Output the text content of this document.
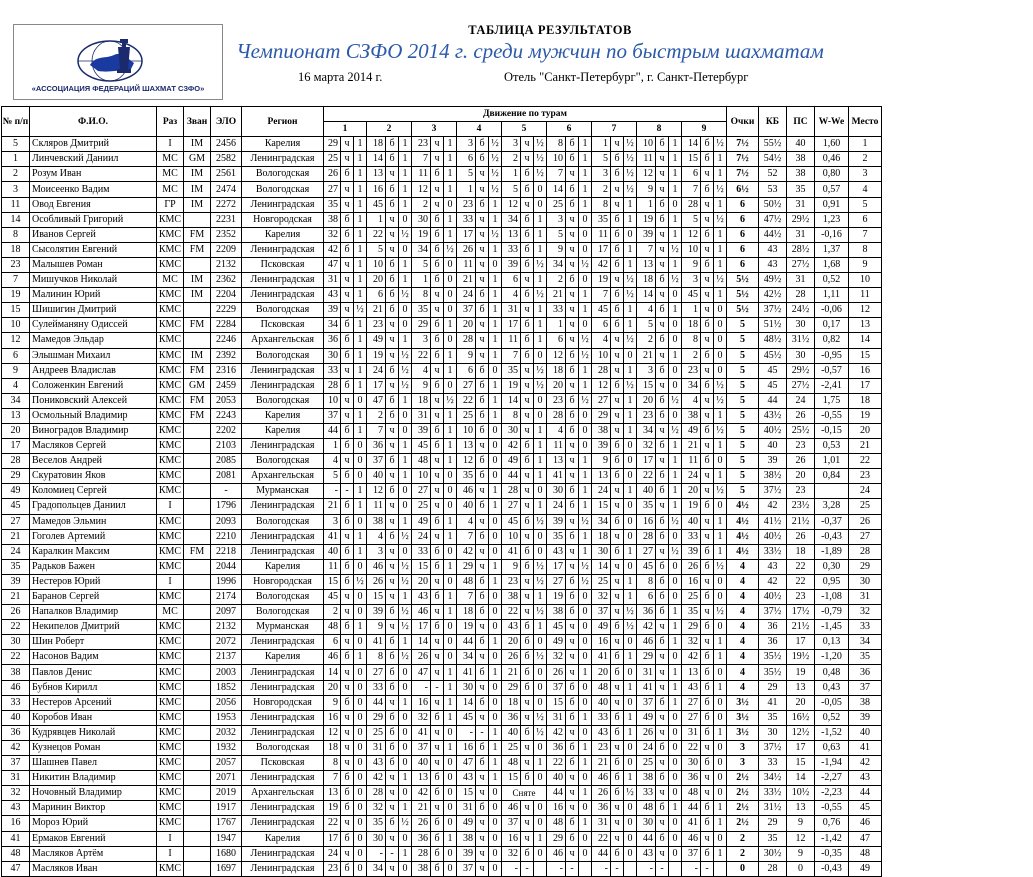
«АССОЦИАЦИЯ ФЕДЕРАЦИЙ ШАХМАТ СЗФО»
ТАБЛИЦА РЕЗУЛЬТАТОВ
Чемпионат СЗФО 2014 г. среди мужчин по быстрым шахматам
16 марта 2014 г.	Отель "Санкт-Петербург", г. Санкт-Петербург
№ п/п	Ф.И.О.	Раз	Зван	ЭЛО	Регион	Движение по турам																											Очки	КБ	ПС	W-We	Место
						1			2			3			4			5			6			7			8			9							
5	Скляров Дмитрий	I	IM	2456	Карелия	29	ч	1	18	б	1	23	ч	1	3	б	½	3	ч	½	8	б	1	1	ч	½	10	б	1	14	б	½	7½	55½	40	1,60	1
1	Линчевский Даниил	МС	GM	2582	Ленинградская	25	ч	1	14	б	1	7	ч	1	6	б	½	2	ч	½	10	б	1	5	б	½	11	ч	1	15	б	1	7½	54½	38	0,46	2
2	Розум Иван	МС	IM	2561	Вологодская	26	б	1	13	ч	1	11	б	1	5	ч	½	1	б	½	7	ч	1	3	б	½	12	ч	1	6	ч	1	7½	52	38	0,80	3
3	Моисеенко Вадим	МС	IM	2474	Вологодская	27	ч	1	16	б	1	12	ч	1	1	ч	½	5	б	0	14	б	1	2	ч	½	9	ч	1	7	б	½	6½	53	35	0,57	4
11	Овод Евгения	ГР	IM	2272	Ленинградская	35	ч	1	45	б	1	2	ч	0	23	б	1	12	ч	0	25	б	1	8	ч	1	1	б	0	28	ч	1	6	50½	31	0,91	5
14	Особливый Григорий	КМС		2231	Новгородская	38	б	1	1	ч	0	30	б	1	33	ч	1	34	б	1	3	ч	0	35	б	1	19	б	1	5	ч	½	6	47½	29½	1,23	6
8	Иванов Сергей	КМС	FM	2352	Карелия	32	б	1	22	ч	½	19	б	1	17	ч	½	13	б	1	5	ч	0	11	б	0	39	ч	1	12	б	1	6	44½	31	-0,16	7
18	Сысолятин Евгений	КМС	FM	2209	Ленинградская	42	б	1	5	ч	0	34	б	½	26	ч	1	33	б	1	9	ч	0	17	б	1	7	ч	½	10	ч	1	6	43	28½	1,37	8
23	Малышев Роман	КМС		2132	Псковская	47	ч	1	10	б	1	5	б	0	11	ч	0	39	б	½	34	ч	½	42	б	1	13	ч	1	9	б	1	6	43	27½	1,68	9
7	Мишучков Николай	МС	IM	2362	Ленинградская	31	ч	1	20	б	1	1	б	0	21	ч	1	6	ч	1	2	б	0	19	ч	½	18	б	½	3	ч	½	5½	49½	31	0,52	10
19	Малинин Юрий	КМС	IM	2204	Ленинградская	43	ч	1	6	б	½	8	ч	0	24	б	1	4	б	½	21	ч	1	7	б	½	14	ч	0	45	ч	1	5½	42½	28	1,11	11
15	Шишигин Дмитрий	КМС		2229	Вологодская	39	ч	½	21	б	0	35	ч	0	37	б	1	31	ч	1	33	ч	1	45	б	1	4	б	1	1	ч	0	5½	37½	24½	-0,06	12
10	Сулейманяну Одиссей	КМС	FM	2284	Псковская	34	б	1	23	ч	0	29	б	1	20	ч	1	17	б	1	1	ч	0	6	б	1	5	ч	0	18	б	0	5	51½	30	0,17	13
12	Мамедов Эльдар	КМС		2246	Архангельская	36	б	1	49	ч	1	3	б	0	28	ч	1	11	б	1	6	ч	½	4	ч	½	2	б	0	8	ч	0	5	48½	31½	0,82	14
6	Элышман Михаил	КМС	IM	2392	Вологодская	30	б	1	19	ч	½	22	б	1	9	ч	1	7	б	0	12	б	½	10	ч	0	21	ч	1	2	б	0	5	45½	30	-0,95	15
9	Андреев Владислав	КМС	FM	2316	Ленинградская	33	ч	1	24	б	½	4	ч	1	6	б	0	35	ч	½	18	б	1	28	ч	1	3	б	0	23	ч	0	5	45	29½	-0,57	16
4	Соложенкин Евгений	КМС	GM	2459	Ленинградская	28	б	1	17	ч	½	9	б	0	27	б	1	19	ч	½	20	ч	1	12	б	½	15	ч	0	34	б	½	5	45	27½	-2,41	17
34	Пониковский Алексей	КМС	FM	2053	Вологодская	10	ч	0	47	б	1	18	ч	½	22	б	1	14	ч	0	23	б	½	27	ч	1	20	б	½	4	ч	½	5	44	24	1,75	18
13	Осмольный Владимир	КМС	FM	2243	Карелия	37	ч	1	2	б	0	31	ч	1	25	б	1	8	ч	0	28	б	0	29	ч	1	23	б	0	38	ч	1	5	43½	26	-0,55	19
20	Виноградов Владимир	КМС		2202	Карелия	44	б	1	7	ч	0	39	б	1	10	б	0	30	ч	1	4	б	0	38	ч	1	34	ч	½	49	б	½	5	40½	25½	-0,15	20
17	Масляков Сергей	КМС		2103	Ленинградская	1	б	0	36	ч	1	45	б	1	13	ч	0	42	б	1	11	ч	0	39	б	0	32	б	1	21	ч	1	5	40	23	0,53	21
28	Веселов Андрей	КМС		2085	Вологодская	4	ч	0	37	б	1	48	ч	1	12	б	0	49	б	1	13	ч	1	9	б	0	17	ч	1	11	б	0	5	39	26	1,01	22
29	Скуратовин Яков	КМС		2081	Архангельская	5	б	0	40	ч	1	10	ч	0	35	б	0	44	ч	1	41	ч	1	13	б	0	22	б	1	24	ч	1	5	38½	20	0,84	23
49	Коломиец Сергей	КМС		-	Мурманская	-	-	1	12	б	0	27	ч	0	46	ч	1	28	ч	0	30	б	1	24	ч	1	40	б	1	20	ч	½	5	37½	23		24
45	Градопольцев Даниил	I		1796	Ленинградская	21	б	1	11	ч	0	25	ч	0	40	б	1	27	ч	1	24	б	1	15	ч	0	35	ч	1	19	б	0	4½	42	23½	3,28	25
27	Мамедов Эльмин	КМС		2093	Вологодская	3	б	0	38	ч	1	49	б	1	4	ч	0	45	б	½	39	ч	½	34	б	0	16	б	½	40	ч	1	4½	41½	21½	-0,37	26
21	Гоголев Артемий	КМС		2210	Ленинградская	41	ч	1	4	б	½	24	ч	1	7	б	0	10	ч	0	35	б	1	18	ч	0	28	б	0	33	ч	1	4½	40½	26	-0,43	27
24	Каралкин Максим	КМС	FM	2218	Ленинградская	40	б	1	3	ч	0	33	б	0	42	ч	0	41	б	0	43	ч	1	30	б	1	27	ч	½	39	б	1	4½	33½	18	-1,89	28
35	Радьков Бажен	КМС		2044	Карелия	11	б	0	46	ч	½	15	б	1	29	ч	1	9	б	½	17	ч	½	14	ч	0	45	б	0	26	б	½	4	43	22	0,30	29
39	Нестеров Юрий	I		1996	Новгородская	15	б	½	26	ч	½	20	ч	0	48	б	1	23	ч	½	27	б	½	25	ч	1	8	б	0	16	ч	0	4	42	22	0,95	30
21	Баранов Сергей	КМС		2174	Вологодская	45	ч	0	15	ч	1	43	б	1	7	б	0	38	ч	1	19	б	0	32	ч	1	6	б	0	25	б	0	4	40½	23	-1,08	31
26	Напалков Владимир	МС		2097	Вологодская	2	ч	0	39	б	½	46	ч	1	18	б	0	22	ч	½	38	б	0	37	ч	½	36	б	1	35	ч	½	4	37½	17½	-0,79	32
22	Некипелов Дмитрий	КМС		2132	Мурманская	48	б	1	9	ч	½	17	б	0	19	ч	0	43	б	1	45	ч	0	49	б	½	42	ч	1	29	б	0	4	36	21½	-1,45	33
30	Шин Роберт	КМС		2072	Ленинградская	6	ч	0	41	б	1	14	ч	0	44	б	1	20	б	0	49	ч	0	16	ч	0	46	б	1	32	ч	1	4	36	17	0,13	34
22	Насонов Вадим	КМС		2137	Карелия	46	б	1	8	б	½	26	ч	0	34	ч	0	26	б	½	32	ч	0	41	б	1	29	ч	0	42	б	1	4	35½	19½	-1,20	35
38	Павлов Денис	КМС		2003	Ленинградская	14	ч	0	27	б	0	47	ч	1	41	б	1	21	б	0	26	ч	1	20	б	0	31	ч	1	13	б	0	4	35½	19	0,48	36
46	Бубнов Кирилл	КМС		1852	Ленинградская	20	ч	0	33	б	0	-	-	1	30	ч	0	29	б	0	37	б	0	48	ч	1	41	ч	1	43	б	1	4	29	13	0,43	37
33	Нестеров Арсений	КМС		2056	Новгородская	9	б	0	44	ч	1	16	ч	1	14	б	0	18	ч	0	15	б	0	40	ч	0	37	б	1	27	б	0	3½	41	20	-0,05	38
40	Коробов Иван	КМС		1953	Ленинградская	16	ч	0	29	б	0	32	б	1	45	ч	0	36	ч	½	31	б	1	33	б	1	49	ч	0	27	б	0	3½	35	16½	0,52	39
36	Кудрявцев Николай	КМС		2032	Ленинградская	12	ч	0	25	б	0	41	ч	0	-	-	1	40	б	½	42	ч	0	43	б	1	26	ч	0	31	б	1	3½	30	12½	-1,52	40
42	Кузнецов Роман	КМС		1932	Вологодская	18	ч	0	31	б	0	37	ч	1	16	б	1	25	ч	0	36	б	1	23	ч	0	24	б	0	22	ч	0	3	37½	17	0,63	41
37	Шашнев Павел	КМС		2057	Псковская	8	ч	0	43	б	0	40	ч	0	47	б	1	48	ч	1	22	б	1	21	б	0	25	ч	0	30	б	0	3	33	15	-1,94	42
31	Никитин Владимир	КМС		2071	Ленинградская	7	б	0	42	ч	1	13	б	0	43	ч	1	15	б	0	40	ч	0	46	б	1	38	б	0	36	ч	0	2½	34½	14	-2,27	43
32	Ночовный Владимир	КМС		2019	Архангельская	13	б	0	28	ч	0	42	б	0	15	ч	0	Сняте			44	ч	1	26	б	½	33	ч	0	48	ч	0	2½	33½	10½	-2,23	44
43	Маринин Виктор	КМС		1917	Ленинградская	19	б	0	32	ч	1	21	ч	0	31	б	0	46	ч	0	16	ч	0	36	ч	0	48	б	1	44	б	1	2½	31½	13	-0,55	45
16	Мороз Юрий	КМС		1767	Ленинградская	22	ч	0	35	б	½	26	б	0	49	ч	0	37	ч	0	48	б	1	31	ч	0	30	ч	0	41	б	1	2½	29	9	0,76	46
41	Ермаков Евгений	I		1947	Карелия	17	б	0	30	ч	0	36	б	1	38	ч	0	16	ч	1	29	б	0	22	ч	0	44	б	0	46	ч	0	2	35	12	-1,42	47
48	Масляков Артём	I		1680	Ленинградская	24	ч	0	-	-	1	28	б	0	39	ч	0	32	б	0	46	ч	0	44	б	0	43	ч	0	37	б	1	2	30½	9	-0,35	48
47	Масляков Иван	КМС		1697	Ленинградская	23	б	0	34	ч	0	38	б	0	37	ч	0	-	-		-	-		-	-		-	-		-	-		0	28	0	-0,43	49
